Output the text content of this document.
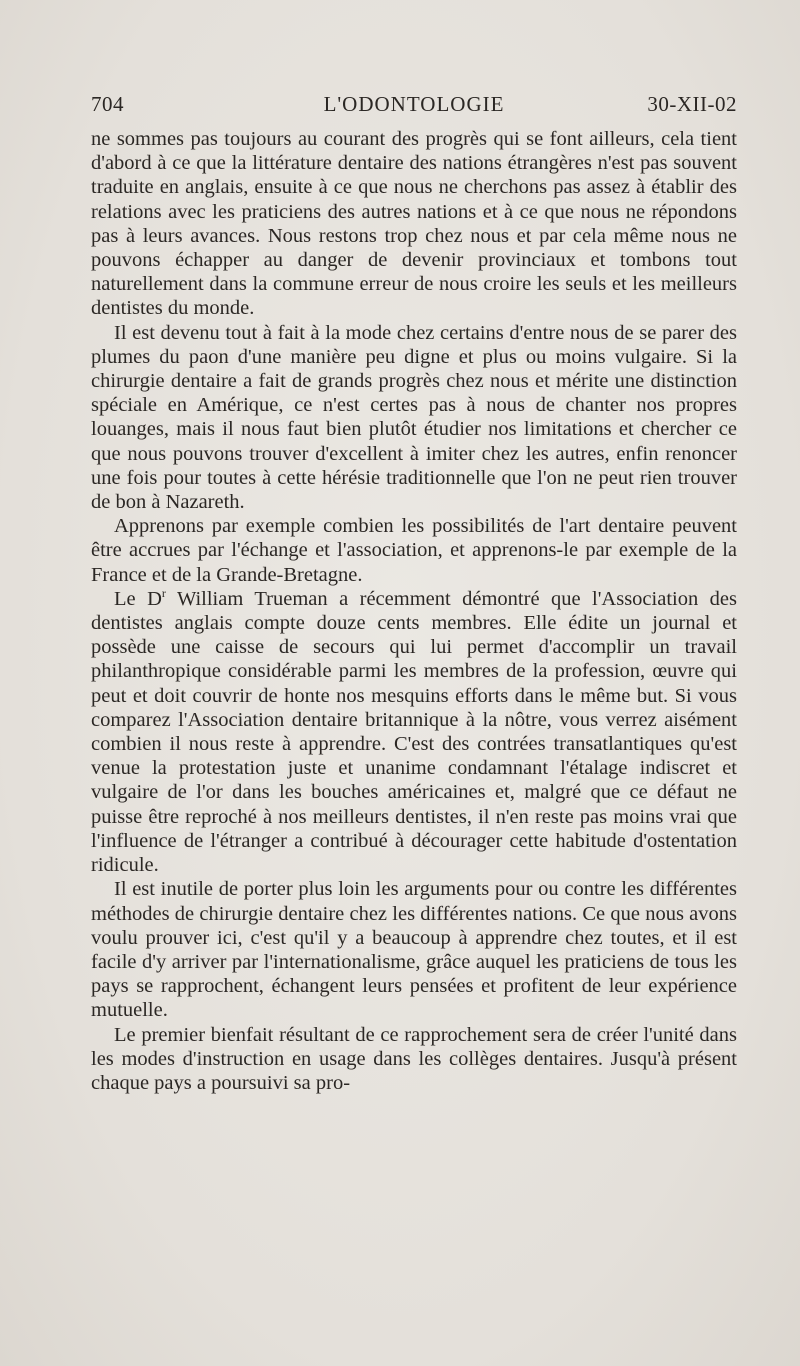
704	L'ODONTOLOGIE	30-XII-02

ne sommes pas toujours au courant des progrès qui se font ailleurs, cela tient d'abord à ce que la littérature dentaire des nations étrangères n'est pas souvent traduite en anglais, ensuite à ce que nous ne cherchons pas assez à établir des relations avec les praticiens des autres nations et à ce que nous ne répondons pas à leurs avances. Nous restons trop chez nous et par cela même nous ne pouvons échapper au danger de devenir provinciaux et tombons tout naturellement dans la commune erreur de nous croire les seuls et les meilleurs dentistes du monde.

Il est devenu tout à fait à la mode chez certains d'entre nous de se parer des plumes du paon d'une manière peu digne et plus ou moins vulgaire. Si la chirurgie dentaire a fait de grands progrès chez nous et mérite une distinction spéciale en Amérique, ce n'est certes pas à nous de chanter nos propres louanges, mais il nous faut bien plutôt étudier nos limitations et chercher ce que nous pouvons trouver d'excellent à imiter chez les autres, enfin renoncer une fois pour toutes à cette hérésie traditionnelle que l'on ne peut rien trouver de bon à Nazareth.

Apprenons par exemple combien les possibilités de l'art dentaire peuvent être accrues par l'échange et l'association, et apprenons-le par exemple de la France et de la Grande-Bretagne.

Le $D^r$ William Trueman a récemment démontré que l'Association des dentistes anglais compte douze cents membres. Elle édite un journal et possède une caisse de secours qui lui permet d'accomplir un travail philanthropique considérable parmi les membres de la profession, œuvre qui peut et doit couvrir de honte nos mesquins efforts dans le même but. Si vous comparez l'Association dentaire britannique à la nôtre, vous verrez aisément combien il nous reste à apprendre. C'est des contrées transatlantiques qu'est venue la protestation juste et unanime condamnant l'étalage indiscret et vulgaire de l'or dans les bouches américaines et, malgré que ce défaut ne puisse être reproché à nos meilleurs dentistes, il n'en reste pas moins vrai que l'influence de l'étranger a contribué à décourager cette habitude d'ostentation ridicule.

Il est inutile de porter plus loin les arguments pour ou contre les différentes méthodes de chirurgie dentaire chez les différentes nations. Ce que nous avons voulu prouver ici, c'est qu'il y a beaucoup à apprendre chez toutes, et il est facile d'y arriver par l'internationalisme, grâce auquel les praticiens de tous les pays se rapprochent, échangent leurs pensées et profitent de leur expérience mutuelle.

Le premier bienfait résultant de ce rapprochement sera de créer l'unité dans les modes d'instruction en usage dans les collèges dentaires. Jusqu'à présent chaque pays a poursuivi sa pro-
